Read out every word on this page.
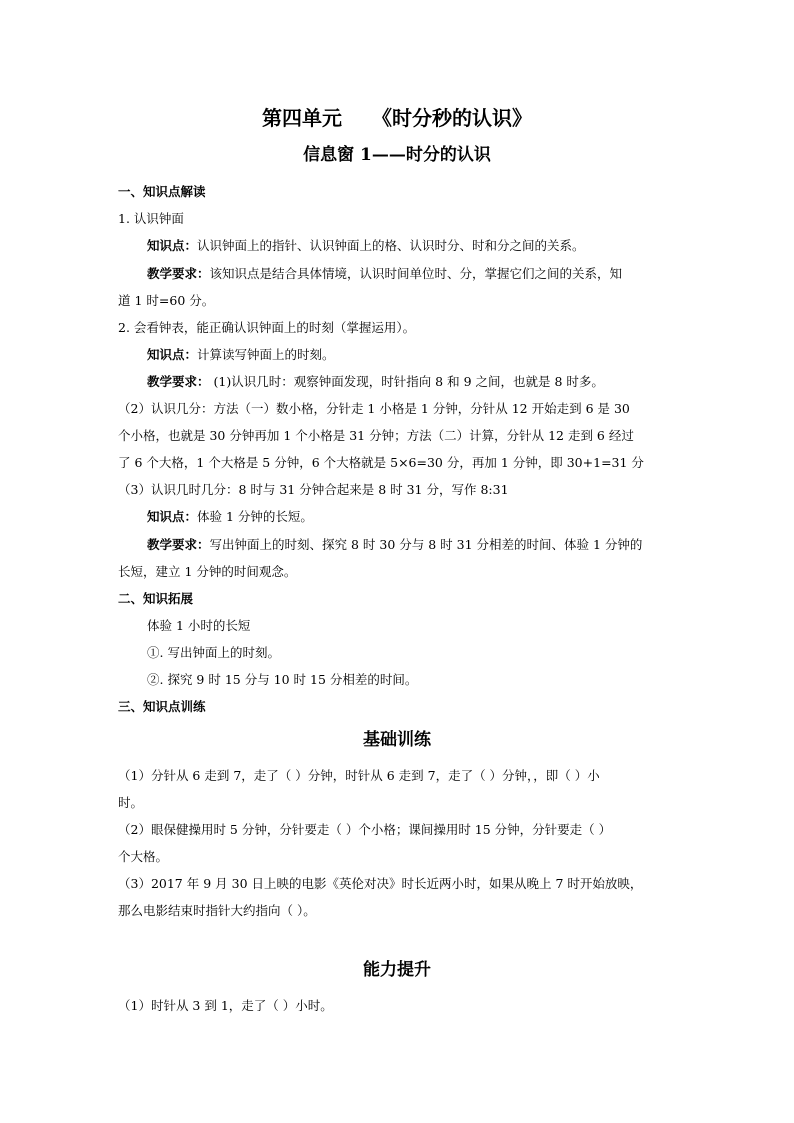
第四单元 《时分秒的认识》
信息窗 1——时分的认识
一、知识点解读
1. 认识钟面
知识点：认识钟面上的指针、认识钟面上的格、认识时分、时和分之间的关系。
教学要求：该知识点是结合具体情境，认识时间单位时、分，掌握它们之间的关系，知
道 1 时=60 分。
2. 会看钟表，能正确认识钟面上的时刻（掌握运用）。
知识点：计算读写钟面上的时刻。
教学要求： (1)认识几时：观察钟面发现，时针指向 8 和 9 之间，也就是 8 时多。
（2）认识几分：方法（一）数小格，分针走 1 小格是 1 分钟，分针从 12 开始走到 6 是 30
个小格，也就是 30 分钟再加 1 个小格是 31 分钟；方法（二）计算，分针从 12 走到 6 经过
了 6 个大格，1 个大格是 5 分钟，6 个大格就是 5×6=30 分，再加 1 分钟，即 30+1=31 分
（3）认识几时几分：8 时与 31 分钟合起来是 8 时 31 分，写作 8:31
知识点：体验 1 分钟的长短。
教学要求：写出钟面上的时刻、探究 8 时 30 分与 8 时 31 分相差的时间、体验 1 分钟的
长短，建立 1 分钟的时间观念。
二、知识拓展
体验 1 小时的长短
①. 写出钟面上的时刻。
②. 探究 9 时 15 分与 10 时 15 分相差的时间。
三、知识点训练
基础训练
（1）分针从 6 走到 7，走了（ ）分钟，时针从 6 走到 7，走了（ ）分钟，，即（ ）小
时。
（2）眼保健操用时 5 分钟，分针要走（ ）个小格；课间操用时 15 分钟，分针要走（ ）
个大格。
（3）2017 年 9 月 30 日上映的电影《英伦对决》时长近两小时，如果从晚上 7 时开始放映，
那么电影结束时指针大约指向（ ）。
能力提升
（1）时针从 3 到 1，走了（ ）小时。
